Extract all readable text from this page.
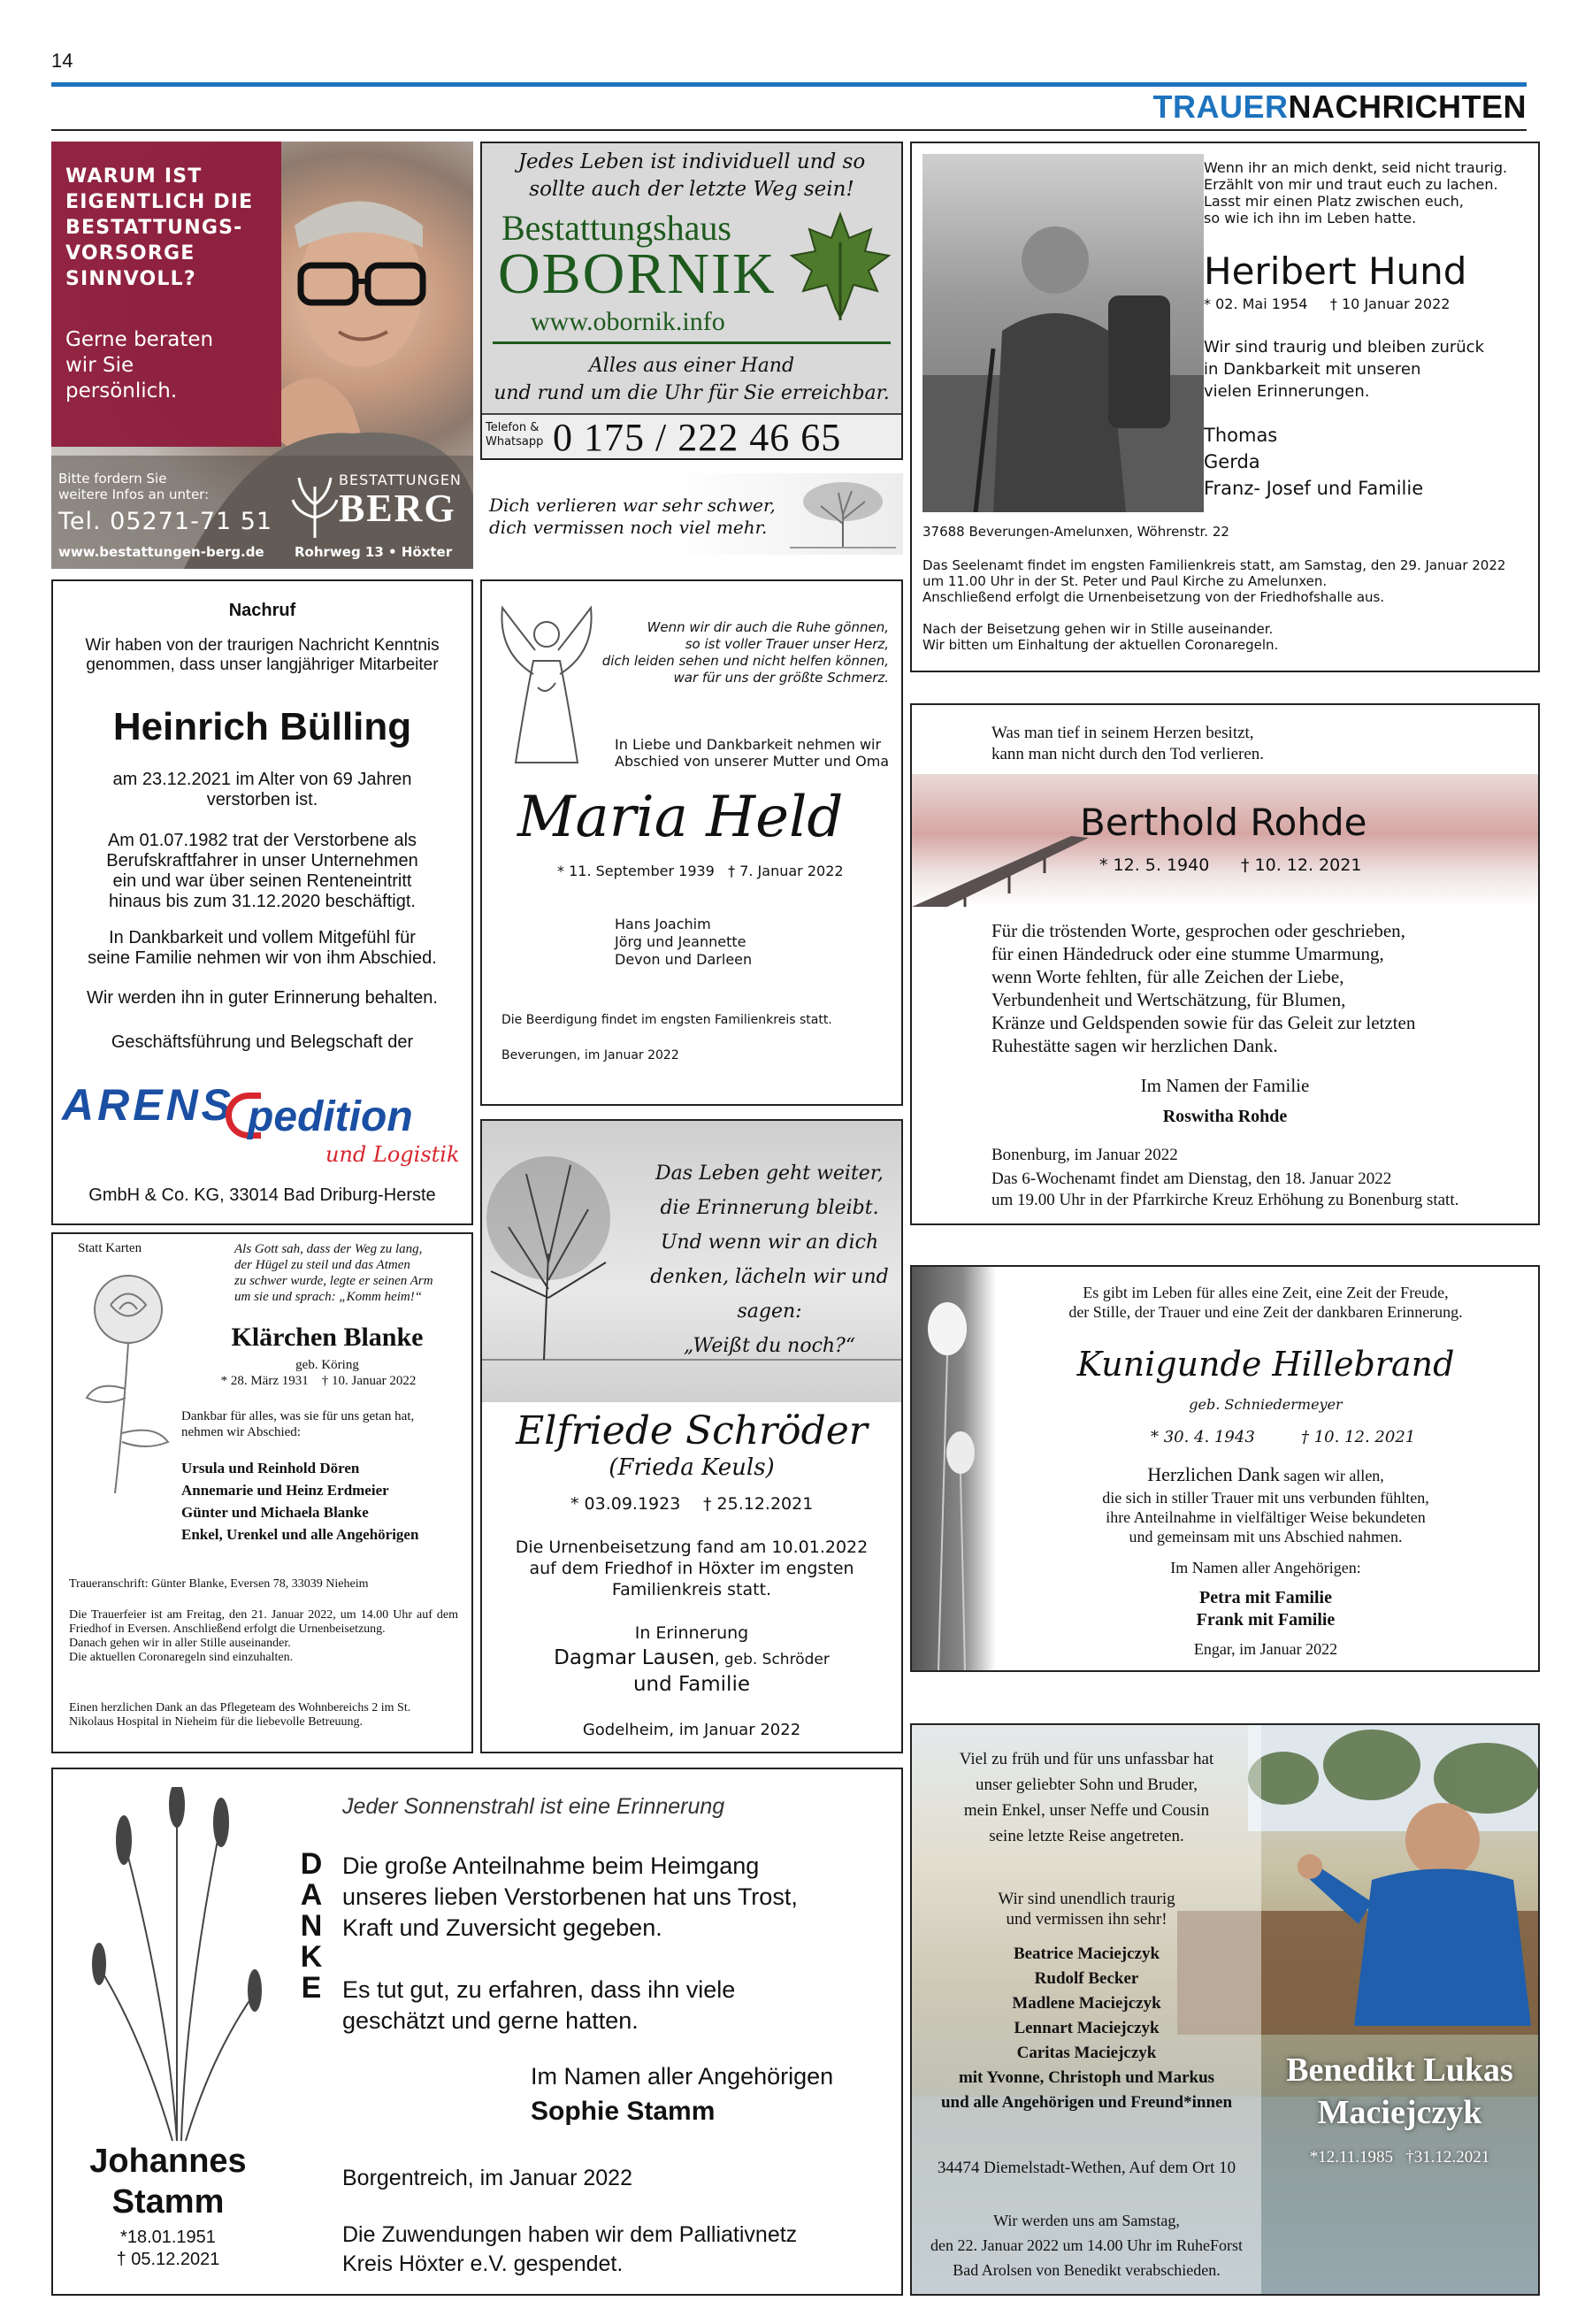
14
TRAUERNACHRICHTEN
WARUM IST
EIGENTLICH DIE
BESTATTUNGS-
VORSORGE
SINNVOLL?
Gerne beraten
wir Sie
persönlich.
Bitte fordern Sie
weitere Infos an unter:
Tel. 05271-71 51
www.bestattungen-berg.de
BESTATTUNGEN
BERG
Rohrweg 13 • Höxter
Jedes Leben ist individuell und so
sollte auch der letzte Weg sein!
Bestattungshaus
OBORNIK
www.obornik.info
Alles aus einer Hand
und rund um die Uhr für Sie erreichbar.
Telefon &
Whatsapp 0 175 / 222 46 65
Dich verlieren war sehr schwer,
dich vermissen noch viel mehr.
Wenn ihr an mich denkt, seid nicht traurig.
Erzählt von mir und traut euch zu lachen.
Lasst mir einen Platz zwischen euch,
so wie ich ihn im Leben hatte.
Heribert Hund
* 02. Mai 1954     † 10 Januar 2022
Wir sind traurig und bleiben zurück
in Dankbarkeit mit unseren
vielen Erinnerungen.
Thomas
Gerda
Franz- Josef und Familie
37688 Beverungen-Amelunxen, Wöhrenstr. 22
Das Seelenamt findet im engsten Familienkreis statt, am Samstag, den 29. Januar 2022
um 11.00 Uhr in der St. Peter und Paul Kirche zu Amelunxen.
Anschließend erfolgt die Urnenbeisetzung von der Friedhofshalle aus.
Nach der Beisetzung gehen wir in Stille auseinander.
Wir bitten um Einhaltung der aktuellen Coronaregeln.
Nachruf
Wir haben von der traurigen Nachricht Kenntnis
genommen, dass unser langjähriger Mitarbeiter
Heinrich Bülling
am 23.12.2021 im Alter von 69 Jahren
verstorben ist.
Am 01.07.1982 trat der Verstorbene als
Berufskraftfahrer in unser Unternehmen
ein und war über seinen Renteneintritt
hinaus bis zum 31.12.2020 beschäftigt.
In Dankbarkeit und vollem Mitgefühl für
seine Familie nehmen wir von ihm Abschied.
Wir werden ihn in guter Erinnerung behalten.
Geschäftsführung und Belegschaft der
ARENS pedition
und Logistik
GmbH & Co. KG, 33014 Bad Driburg-Herste
Wenn wir dir auch die Ruhe gönnen,
so ist voller Trauer unser Herz,
dich leiden sehen und nicht helfen können,
war für uns der größte Schmerz.
In Liebe und Dankbarkeit nehmen wir
Abschied von unserer Mutter und Oma
Maria Held
* 11. September 1939   † 7. Januar 2022
Hans Joachim
Jörg und Jeannette
Devon und Darleen
Die Beerdigung findet im engsten Familienkreis statt.
Beverungen, im Januar 2022
Was man tief in seinem Herzen besitzt,
kann man nicht durch den Tod verlieren.
Berthold Rohde
* 12. 5. 1940 † 10. 12. 2021
Für die tröstenden Worte, gesprochen oder geschrieben,
für einen Händedruck oder eine stumme Umarmung,
wenn Worte fehlten, für alle Zeichen der Liebe,
Verbundenheit und Wertschätzung, für Blumen,
Kränze und Geldspenden sowie für das Geleit zur letzten
Ruhestätte sagen wir herzlichen Dank.
Im Namen der Familie
Roswitha Rohde
Bonenburg, im Januar 2022
Das 6-Wochenamt findet am Dienstag, den 18. Januar 2022
um 19.00 Uhr in der Pfarrkirche Kreuz Erhöhung zu Bonenburg statt.
Das Leben geht weiter,
die Erinnerung bleibt.
Und wenn wir an dich
denken, lächeln wir und sagen:
„Weißt du noch?“
Elfriede Schröder
(Frieda Keuls)
* 03.09.1923 † 25.12.2021
Die Urnenbeisetzung fand am 10.01.2022
auf dem Friedhof in Höxter im engsten
Familienkreis statt.
In Erinnerung
Dagmar Lausen, geb. Schröder
und Familie
Godelheim, im Januar 2022
Statt Karten	Als Gott sah, dass der Weg zu lang,
der Hügel zu steil und das Atmen
zu schwer wurde, legte er seinen Arm
um sie und sprach: „Komm heim!“
Klärchen Blanke
geb. Köring
* 28. März 1931    † 10. Januar 2022
Dankbar für alles, was sie für uns getan hat,
nehmen wir Abschied:
Ursula und Reinhold Dören
Annemarie und Heinz Erdmeier
Günter und Michaela Blanke
Enkel, Urenkel und alle Angehörigen
Traueranschrift: Günter Blanke, Eversen 78, 33039 Nieheim
Die Trauerfeier ist am Freitag, den 21. Januar 2022, um 14.00 Uhr auf dem Friedhof in Eversen. Anschließend erfolgt die Urnenbeisetzung.
Danach gehen wir in aller Stille auseinander.
Die aktuellen Coronaregeln sind einzuhalten.
Einen herzlichen Dank an das Pflegeteam des Wohnbereichs 2 im St. Nikolaus Hospital in Nieheim für die liebevolle Betreuung.
Es gibt im Leben für alles eine Zeit, eine Zeit der Freude,
der Stille, der Trauer und eine Zeit der dankbaren Erinnerung.
Kunigunde Hillebrand
geb. Schniedermeyer
* 30. 4. 1943	† 10. 12. 2021
Herzlichen Dank sagen wir allen,
die sich in stiller Trauer mit uns verbunden fühlten,
ihre Anteilnahme in vielfältiger Weise bekundeten
und gemeinsam mit uns Abschied nahmen.
Im Namen aller Angehörigen:
Petra mit Familie
Frank mit Familie
Engar, im Januar 2022
Johannes
Stamm
*18.01.1951
† 05.12.2021
Jeder Sonnenstrahl ist eine Erinnerung
D
A
N
K
E
Die große Anteilnahme beim Heimgang
unseres lieben Verstorbenen hat uns Trost,
Kraft und Zuversicht gegeben.
Es tut gut, zu erfahren, dass ihn viele
geschätzt und gerne hatten.
Im Namen aller Angehörigen
Sophie Stamm
Borgentreich, im Januar 2022
Die Zuwendungen haben wir dem Palliativnetz
Kreis Höxter e.V. gespendet.
Viel zu früh und für uns unfassbar hat
unser geliebter Sohn und Bruder,
mein Enkel, unser Neffe und Cousin
seine letzte Reise angetreten.
Wir sind unendlich traurig
und vermissen ihn sehr!
Beatrice Maciejczyk
Rudolf Becker
Madlene Maciejczyk
Lennart Maciejczyk
Caritas Maciejczyk
mit Yvonne, Christoph und Markus
und alle Angehörigen und Freund*innen
34474 Diemelstadt-Wethen, Auf dem Ort 10
Wir werden uns am Samstag,
den 22. Januar 2022 um 14.00 Uhr im RuheForst
Bad Arolsen von Benedikt verabschieden.
Benedikt Lukas
Maciejczyk
*12.11.1985   †31.12.2021
